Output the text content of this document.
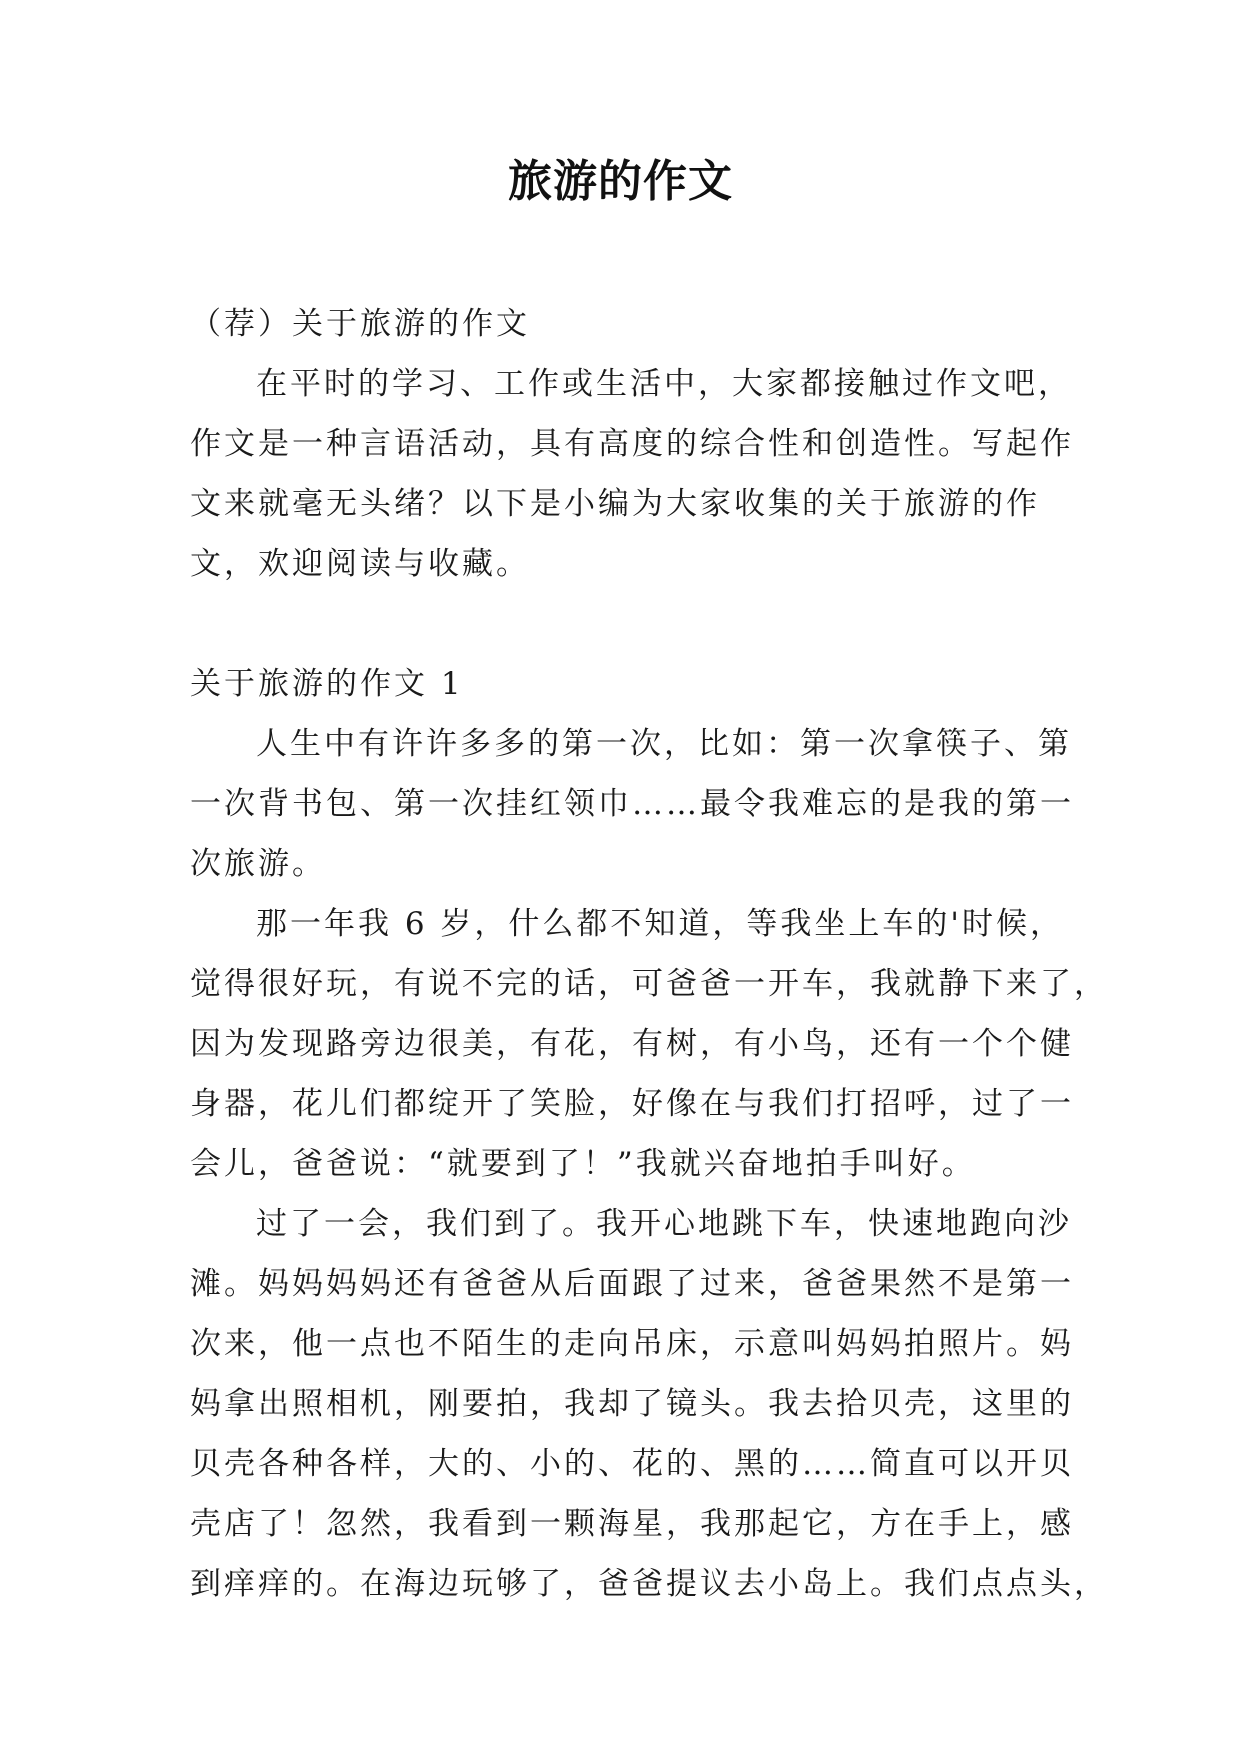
旅游的作文

（荐）关于旅游的作文

在平时的学习、工作或生活中，大家都接触过作文吧，

作文是一种言语活动，具有高度的综合性和创造性。写起作

文来就毫无头绪？以下是小编为大家收集的关于旅游的作

文，欢迎阅读与收藏。

关于旅游的作文 1

人生中有许许多多的第一次，比如：第一次拿筷子、第

一次背书包、第一次挂红领巾……最令我难忘的是我的第一

次旅游。

那一年我 6 岁，什么都不知道，等我坐上车的'时候，

觉得很好玩，有说不完的话，可爸爸一开车，我就静下来了，

因为发现路旁边很美，有花，有树，有小鸟，还有一个个健

身器，花儿们都绽开了笑脸，好像在与我们打招呼，过了一

会儿，爸爸说：“就要到了！”我就兴奋地拍手叫好。

过了一会，我们到了。我开心地跳下车，快速地跑向沙

滩。妈妈妈妈还有爸爸从后面跟了过来，爸爸果然不是第一

次来，他一点也不陌生的走向吊床，示意叫妈妈拍照片。妈

妈拿出照相机，刚要拍，我却了镜头。我去拾贝壳，这里的

贝壳各种各样，大的、小的、花的、黑的……简直可以开贝

壳店了！忽然，我看到一颗海星，我那起它，方在手上，感

到痒痒的。在海边玩够了，爸爸提议去小岛上。我们点点头，
